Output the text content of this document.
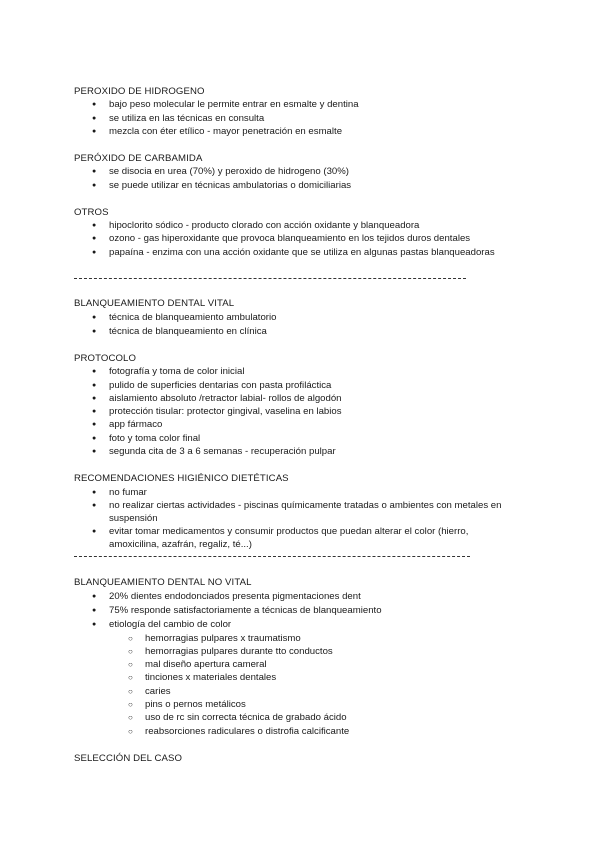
PEROXIDO DE HIDROGENO
●	bajo peso molecular le permite entrar en esmalte y dentina
●	se utiliza en las técnicas en consulta
●	mezcla con éter etílico - mayor penetración en esmalte
PERÓXIDO DE CARBAMIDA
●	se disocia en urea (70%) y peroxido de hidrogeno (30%)
●	se puede utilizar en técnicas ambulatorias o domiciliarias
OTROS
●	hipoclorito sódico - producto clorado con acción oxidante y blanqueadora
●	ozono - gas hiperoxidante que provoca blanqueamiento en los tejidos duros dentales
●	papaína - enzima con una acción oxidante que se utiliza en algunas pastas blanqueadoras
BLANQUEAMIENTO DENTAL VITAL
●	técnica de blanqueamiento ambulatorio
●	técnica de blanqueamiento en clínica
PROTOCOLO
●	fotografía y toma de color inicial
●	pulido de superficies dentarias con pasta profiláctica
●	aislamiento absoluto /retractor labial- rollos de algodón
●	protección tisular: protector gingival, vaselina en labios
●	app fármaco
●	foto y toma color final
●	segunda cita de 3 a 6 semanas - recuperación pulpar
RECOMENDACIONES HIGIÉNICO DIETÉTICAS
●	no fumar
●	no realizar ciertas actividades - piscinas químicamente tratadas o ambientes con metales en
suspensión
●	evitar tomar medicamentos y consumir productos que puedan alterar el color (hierro,
amoxicilina, azafrán, regaliz, té...)
BLANQUEAMIENTO DENTAL NO VITAL
●	20% dientes endodonciados presenta pigmentaciones dent
●	75% responde satisfactoriamente a técnicas de blanqueamiento
●	etiología del cambio de color
○ hemorragias pulpares x traumatismo
○ hemorragias pulpares durante tto conductos
○ mal diseño apertura cameral
○ tinciones x materiales dentales
○ caries
○ pins o pernos metálicos
○ uso de rc sin correcta técnica de grabado ácido
○ reabsorciones radiculares o distrofia calcificante
SELECCIÓN DEL CASO
